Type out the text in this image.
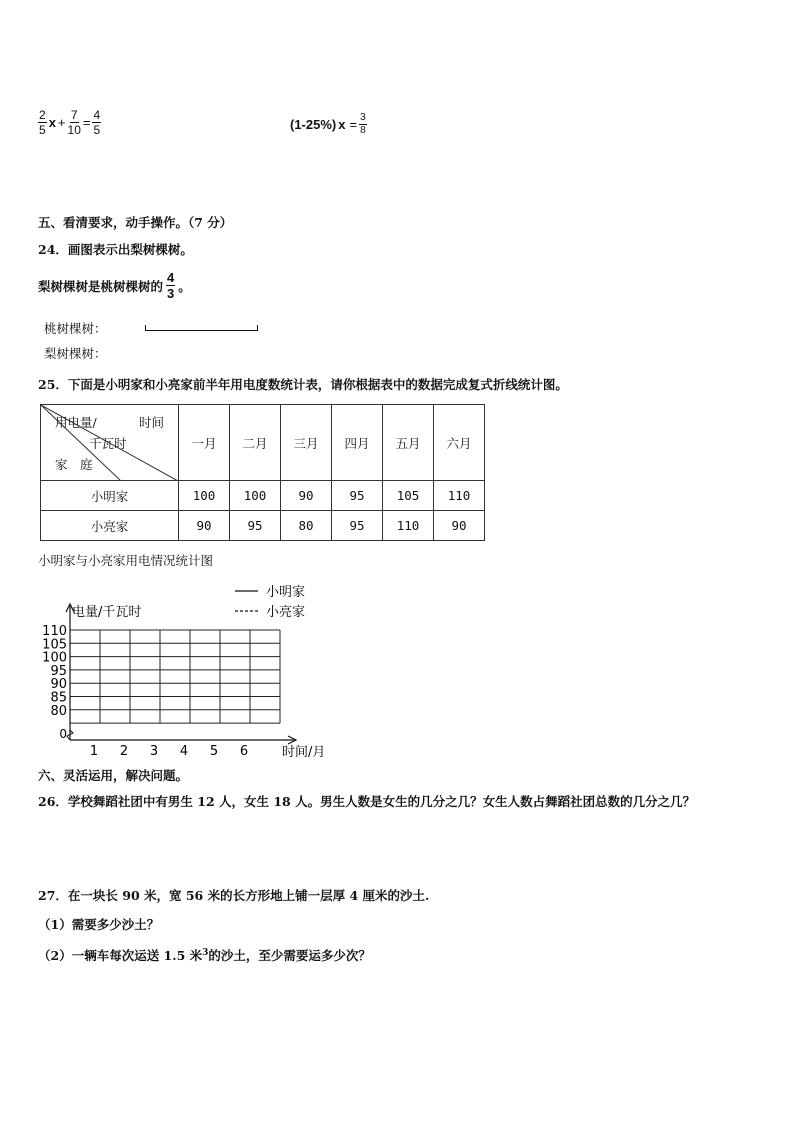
$\frac{2}{5}$ $x + \frac{7}{10} = \frac{4}{5}$	(1-25%) $x = \frac{3}{8}$
五、看清要求，动手操作。（7 分）
24．画图表示出梨树棵树。
梨树棵树是桃树棵树的 $\frac{4}{3}$ 。
桃树棵树：
梨树棵树：
25．下面是小明家和小亮家前半年用电度数统计表，请你根据表中的数据完成复式折线统计图。
用电量/ 时间
千瓦时
家　庭	一月	二月	三月	四月	五月	六月
小明家	100	100	90	95	105	110
小亮家	90	95	80	95	110	90
小明家与小亮家用电情况统计图
110
105
100
95
90
85
80
0
1 2 3 4 5 6
电量/千瓦时
时间/月
小明家
小亮家
六、灵活运用，解决问题。
26．学校舞蹈社团中有男生 12 人，女生 18 人。男生人数是女生的几分之几？女生人数占舞蹈社团总数的几分之几？
27．在一块长 90 米，宽 56 米的长方形地上铺一层厚 4 厘米的沙土.
（1）需要多少沙土？
（2）一辆车每次运送 1.5 米$^3$的沙土，至少需要运多少次？
